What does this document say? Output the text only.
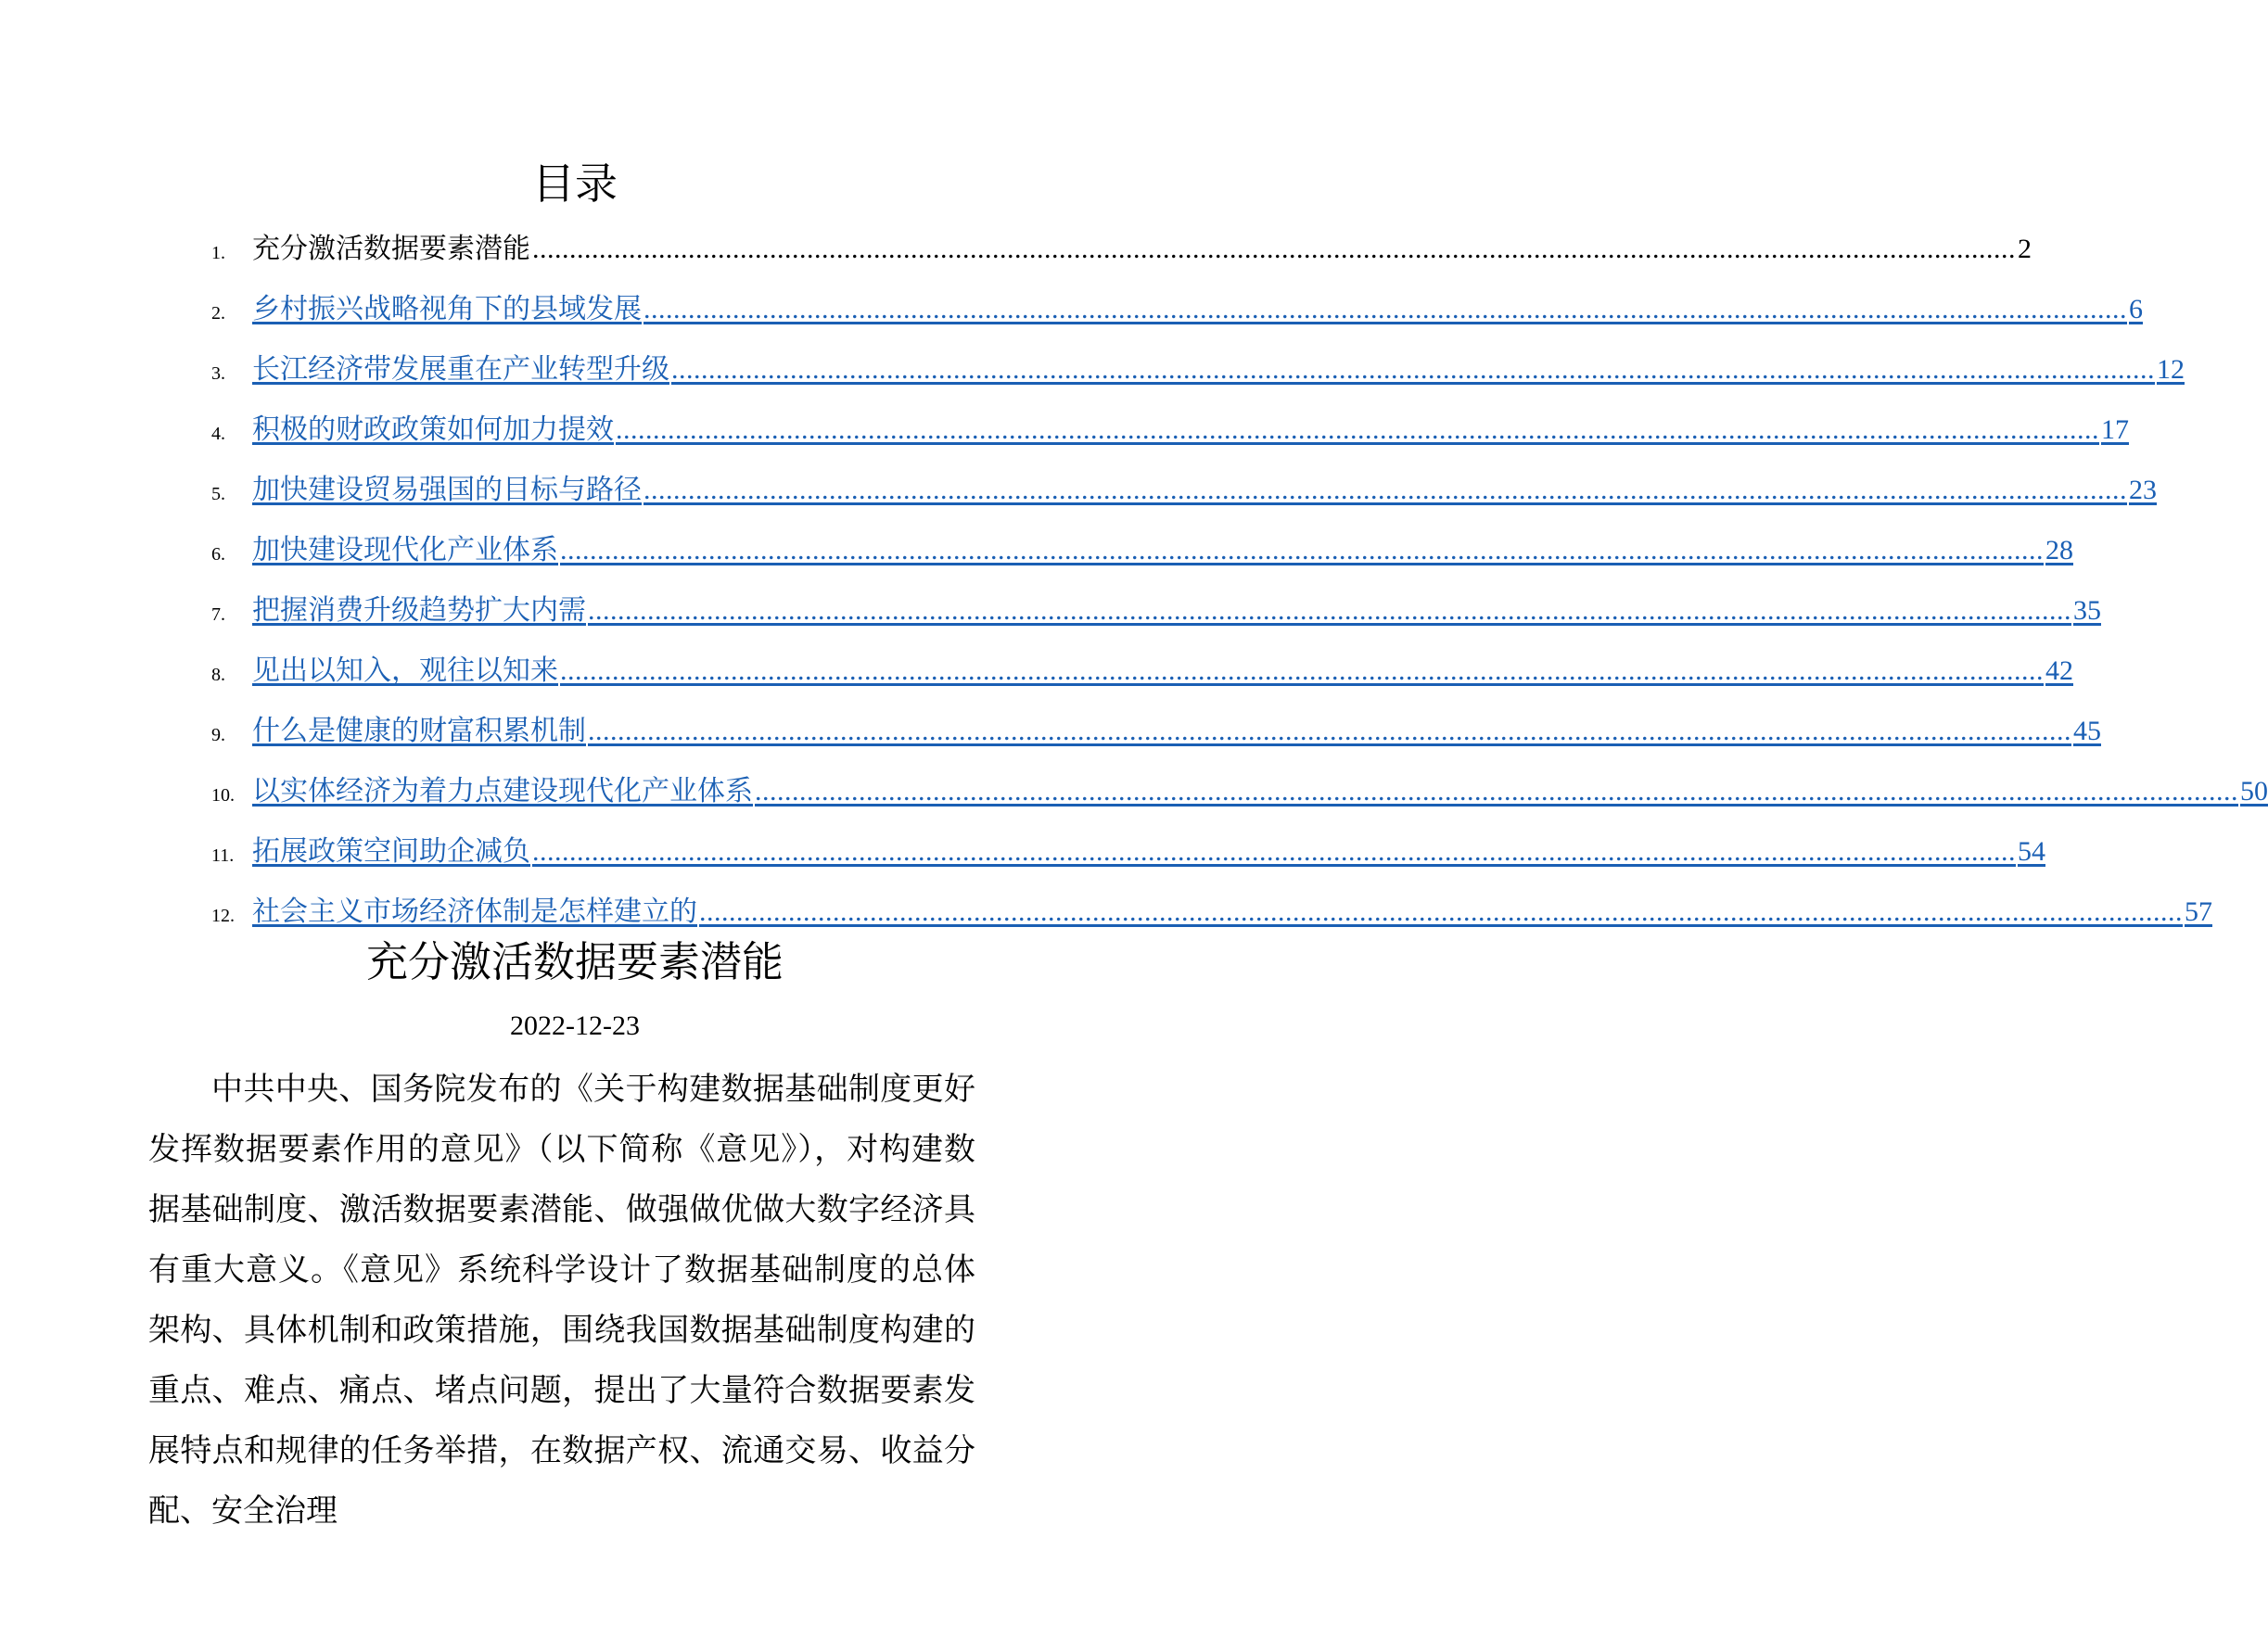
目录
1. 充分激活数据要素潜能 ........................................................................................................................................................................................................ 2
2. 乡村振兴战略视角下的县域发展 ........................................................................................................................................................................................................ 6
3. 长江经济带发展重在产业转型升级 ........................................................................................................................................................................................................ 12
4. 积极的财政政策如何加力提效 ........................................................................................................................................................................................................ 17
5. 加快建设贸易强国的目标与路径 ........................................................................................................................................................................................................ 23
6. 加快建设现代化产业体系 ........................................................................................................................................................................................................ 28
7. 把握消费升级趋势扩大内需 ........................................................................................................................................................................................................ 35
8. 见出以知入，观往以知来 ........................................................................................................................................................................................................ 42
9. 什么是健康的财富积累机制 ........................................................................................................................................................................................................ 45
10. 以实体经济为着力点建设现代化产业体系 ........................................................................................................................................................................................................ 50
11. 拓展政策空间助企减负 ........................................................................................................................................................................................................ 54
12. 社会主义市场经济体制是怎样建立的 ........................................................................................................................................................................................................ 57
充分激活数据要素潜能
2022-12-23

中共中央、国务院发布的《关于构建数据基础制度更好发挥数据要素作用的意见》（以下简称《意见》），对构建数据基础制度、激活数据要素潜能、做强做优做大数字经济具有重大意义。《意见》系统科学设计了数据基础制度的总体架构、具体机制和政策措施，围绕我国数据基础制度构建的重点、难点、痛点、堵点问题，提出了大量符合数据要素发展特点和规律的任务举措，在数据产权、流通交易、收益分配、安全治理
